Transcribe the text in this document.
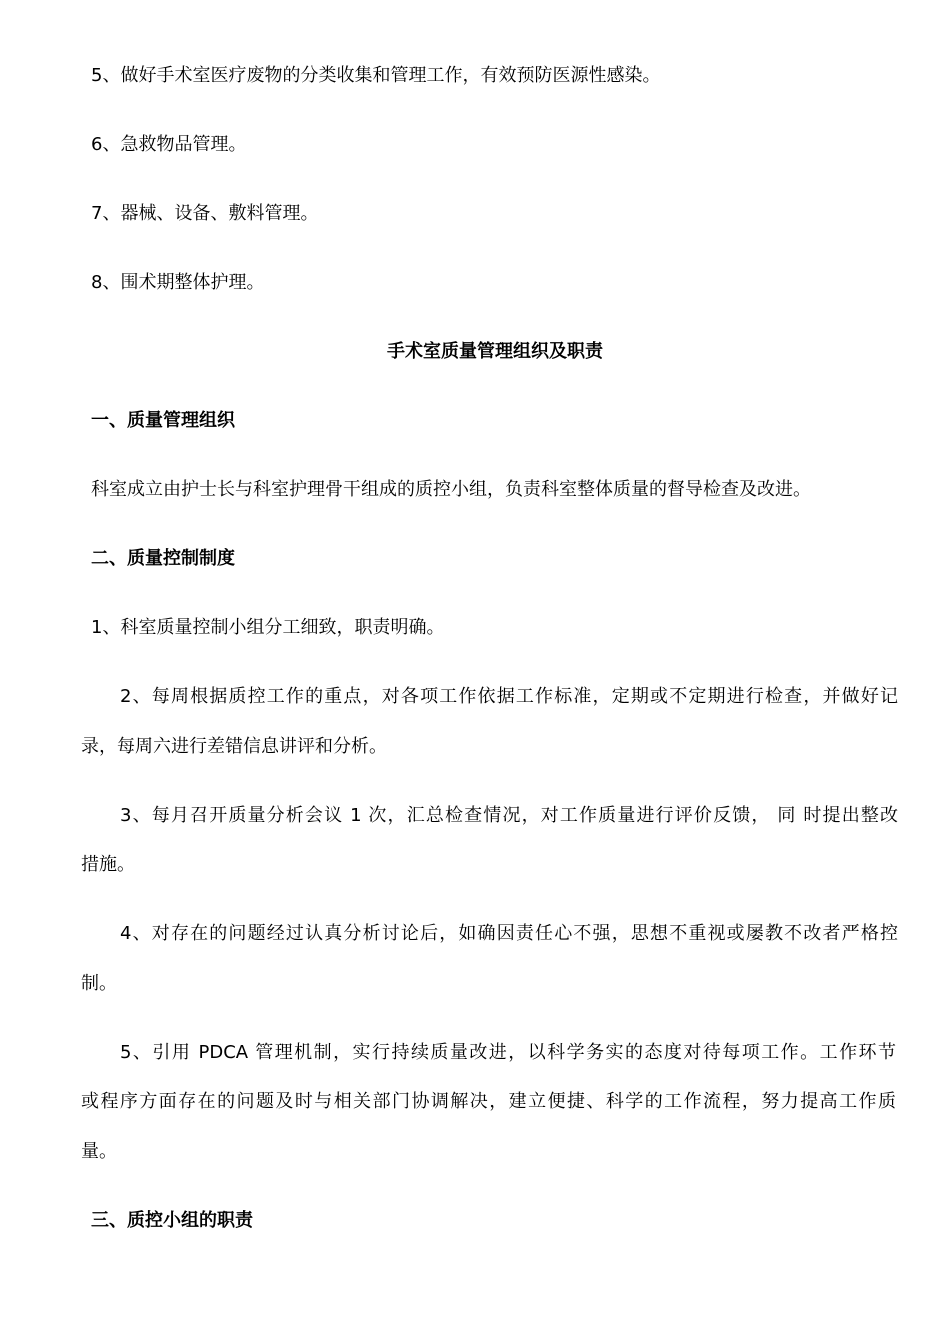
5、做好手术室医疗废物的分类收集和管理工作，有效预防医源性感染。

6、急救物品管理。

7、器械、设备、敷料管理。

8、围术期整体护理。

手术室质量管理组织及职责

一、质量管理组织

科室成立由护士长与科室护理骨干组成的质控小组，负责科室整体质量的督导检查及改进。

二、质量控制制度

1、科室质量控制小组分工细致，职责明确。

2、每周根据质控工作的重点，对各项工作依据工作标准，定期或不定期进行检查，并做好记

录，每周六进行差错信息讲评和分析。

3、每月召开质量分析会议 1 次，汇总检查情况，对工作质量进行评价反馈， 同 时提出整改

措施。

4、对存在的问题经过认真分析讨论后，如确因责任心不强，思想不重视或屡教不改者严格控

制。

5、引用 PDCA 管理机制，实行持续质量改进，以科学务实的态度对待每项工作。工作环节

或程序方面存在的问题及时与相关部门协调解决，建立便捷、科学的工作流程，努力提高工作质

量。

三、质控小组的职责
